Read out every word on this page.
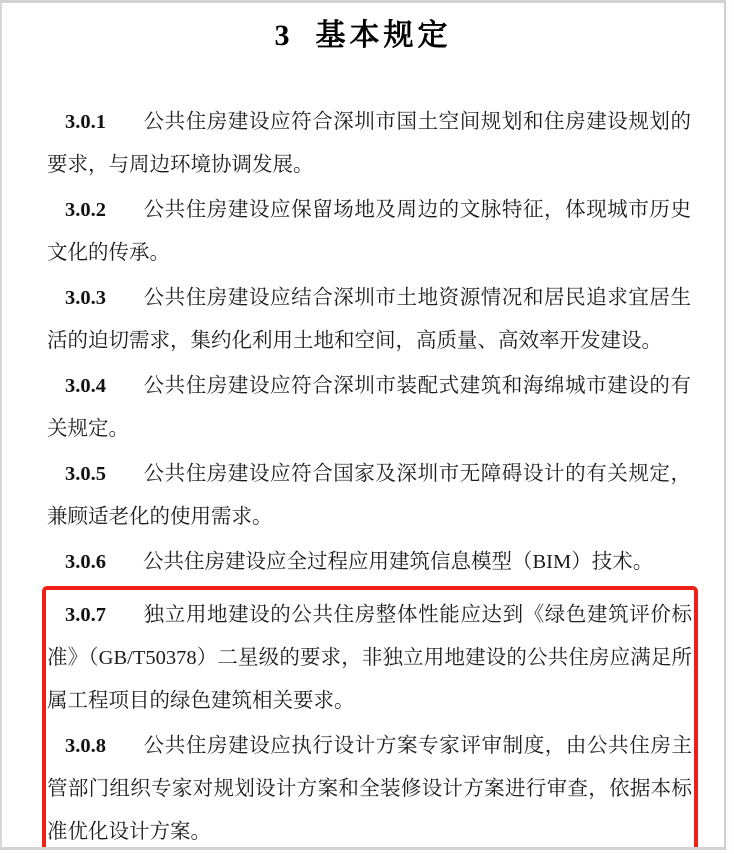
3 基本规定

3.0.1 公共住房建设应符合深圳市国土空间规划和住房建设规划的要求，与周边环境协调发展。

3.0.2 公共住房建设应保留场地及周边的文脉特征，体现城市历史文化的传承。

3.0.3 公共住房建设应结合深圳市土地资源情况和居民追求宜居生活的迫切需求，集约化利用土地和空间，高质量、高效率开发建设。

3.0.4 公共住房建设应符合深圳市装配式建筑和海绵城市建设的有关规定。

3.0.5 公共住房建设应符合国家及深圳市无障碍设计的有关规定，兼顾适老化的使用需求。

3.0.6 公共住房建设应全过程应用建筑信息模型（BIM）技术。

3.0.7 独立用地建设的公共住房整体性能应达到《绿色建筑评价标准》（GB/T50378）二星级的要求，非独立用地建设的公共住房应满足所属工程项目的绿色建筑相关要求。

3.0.8 公共住房建设应执行设计方案专家评审制度，由公共住房主管部门组织专家对规划设计方案和全装修设计方案进行审查，依据本标准优化设计方案。
